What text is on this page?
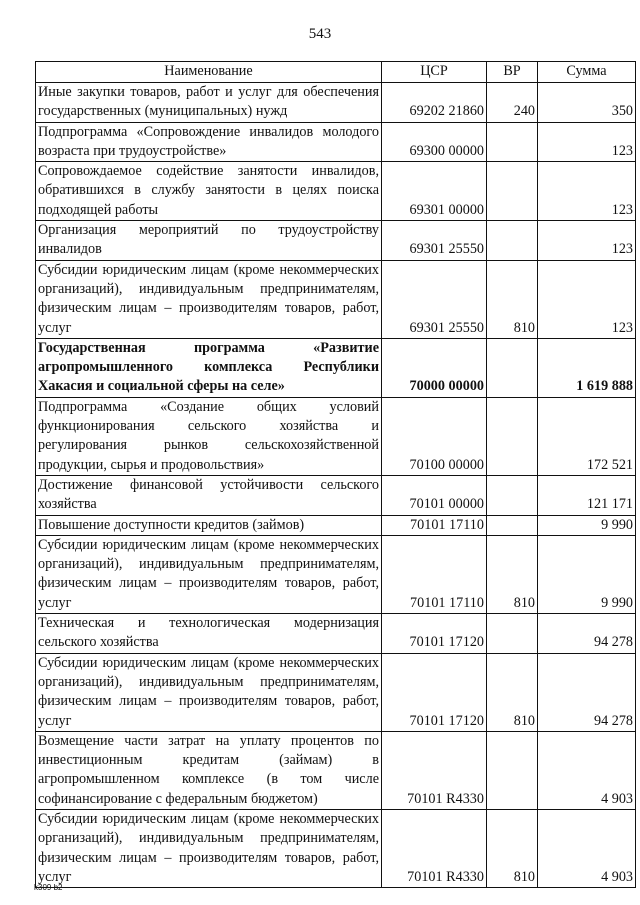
543
Наименование	ЦСР	ВР	Сумма
Иные закупки товаров, работ и услуг для обеспечения государственных (муниципальных) нужд	69202 21860	240	350
Подпрограмма «Сопровождение инвалидов молодого возраста при трудоустройстве»	69300 00000		123
Сопровождаемое содействие занятости инвалидов, обратившихся в службу занятости в целях поиска подходящей работы	69301 00000		123
Организация мероприятий по трудоустройству инвалидов	69301 25550		123
Субсидии юридическим лицам (кроме некоммерческих организаций), индивидуальным предпринимателям, физическим лицам – производителям товаров, работ, услуг	69301 25550	810	123
Государственная программа «Развитие агропромышленного комплекса Республики Хакасия и социальной сферы на селе»	70000 00000		1 619 888
Подпрограмма «Создание общих условий функционирования сельского хозяйства и регулирования рынков сельскохозяйственной продукции, сырья и продовольствия»	70100 00000		172 521
Достижение финансовой устойчивости сельского хозяйства	70101 00000		121 171
Повышение доступности кредитов (займов)	70101 17110		9 990
Субсидии юридическим лицам (кроме некоммерческих организаций), индивидуальным предпринимателям, физическим лицам – производителям товаров, работ, услуг	70101 17110	810	9 990
Техническая и технологическая модернизация сельского хозяйства	70101 17120		94 278
Субсидии юридическим лицам (кроме некоммерческих организаций), индивидуальным предпринимателям, физическим лицам – производителям товаров, работ, услуг	70101 17120	810	94 278
Возмещение части затрат на уплату процентов по инвестиционным кредитам (займам) в агропромышленном комплексе (в том числе софинансирование с федеральным бюджетом)	70101 R4330		4 903
Субсидии юридическим лицам (кроме некоммерческих организаций), индивидуальным предпринимателям, физическим лицам – производителям товаров, работ, услуг	70101 R4330	810	4 903
k309 b2
